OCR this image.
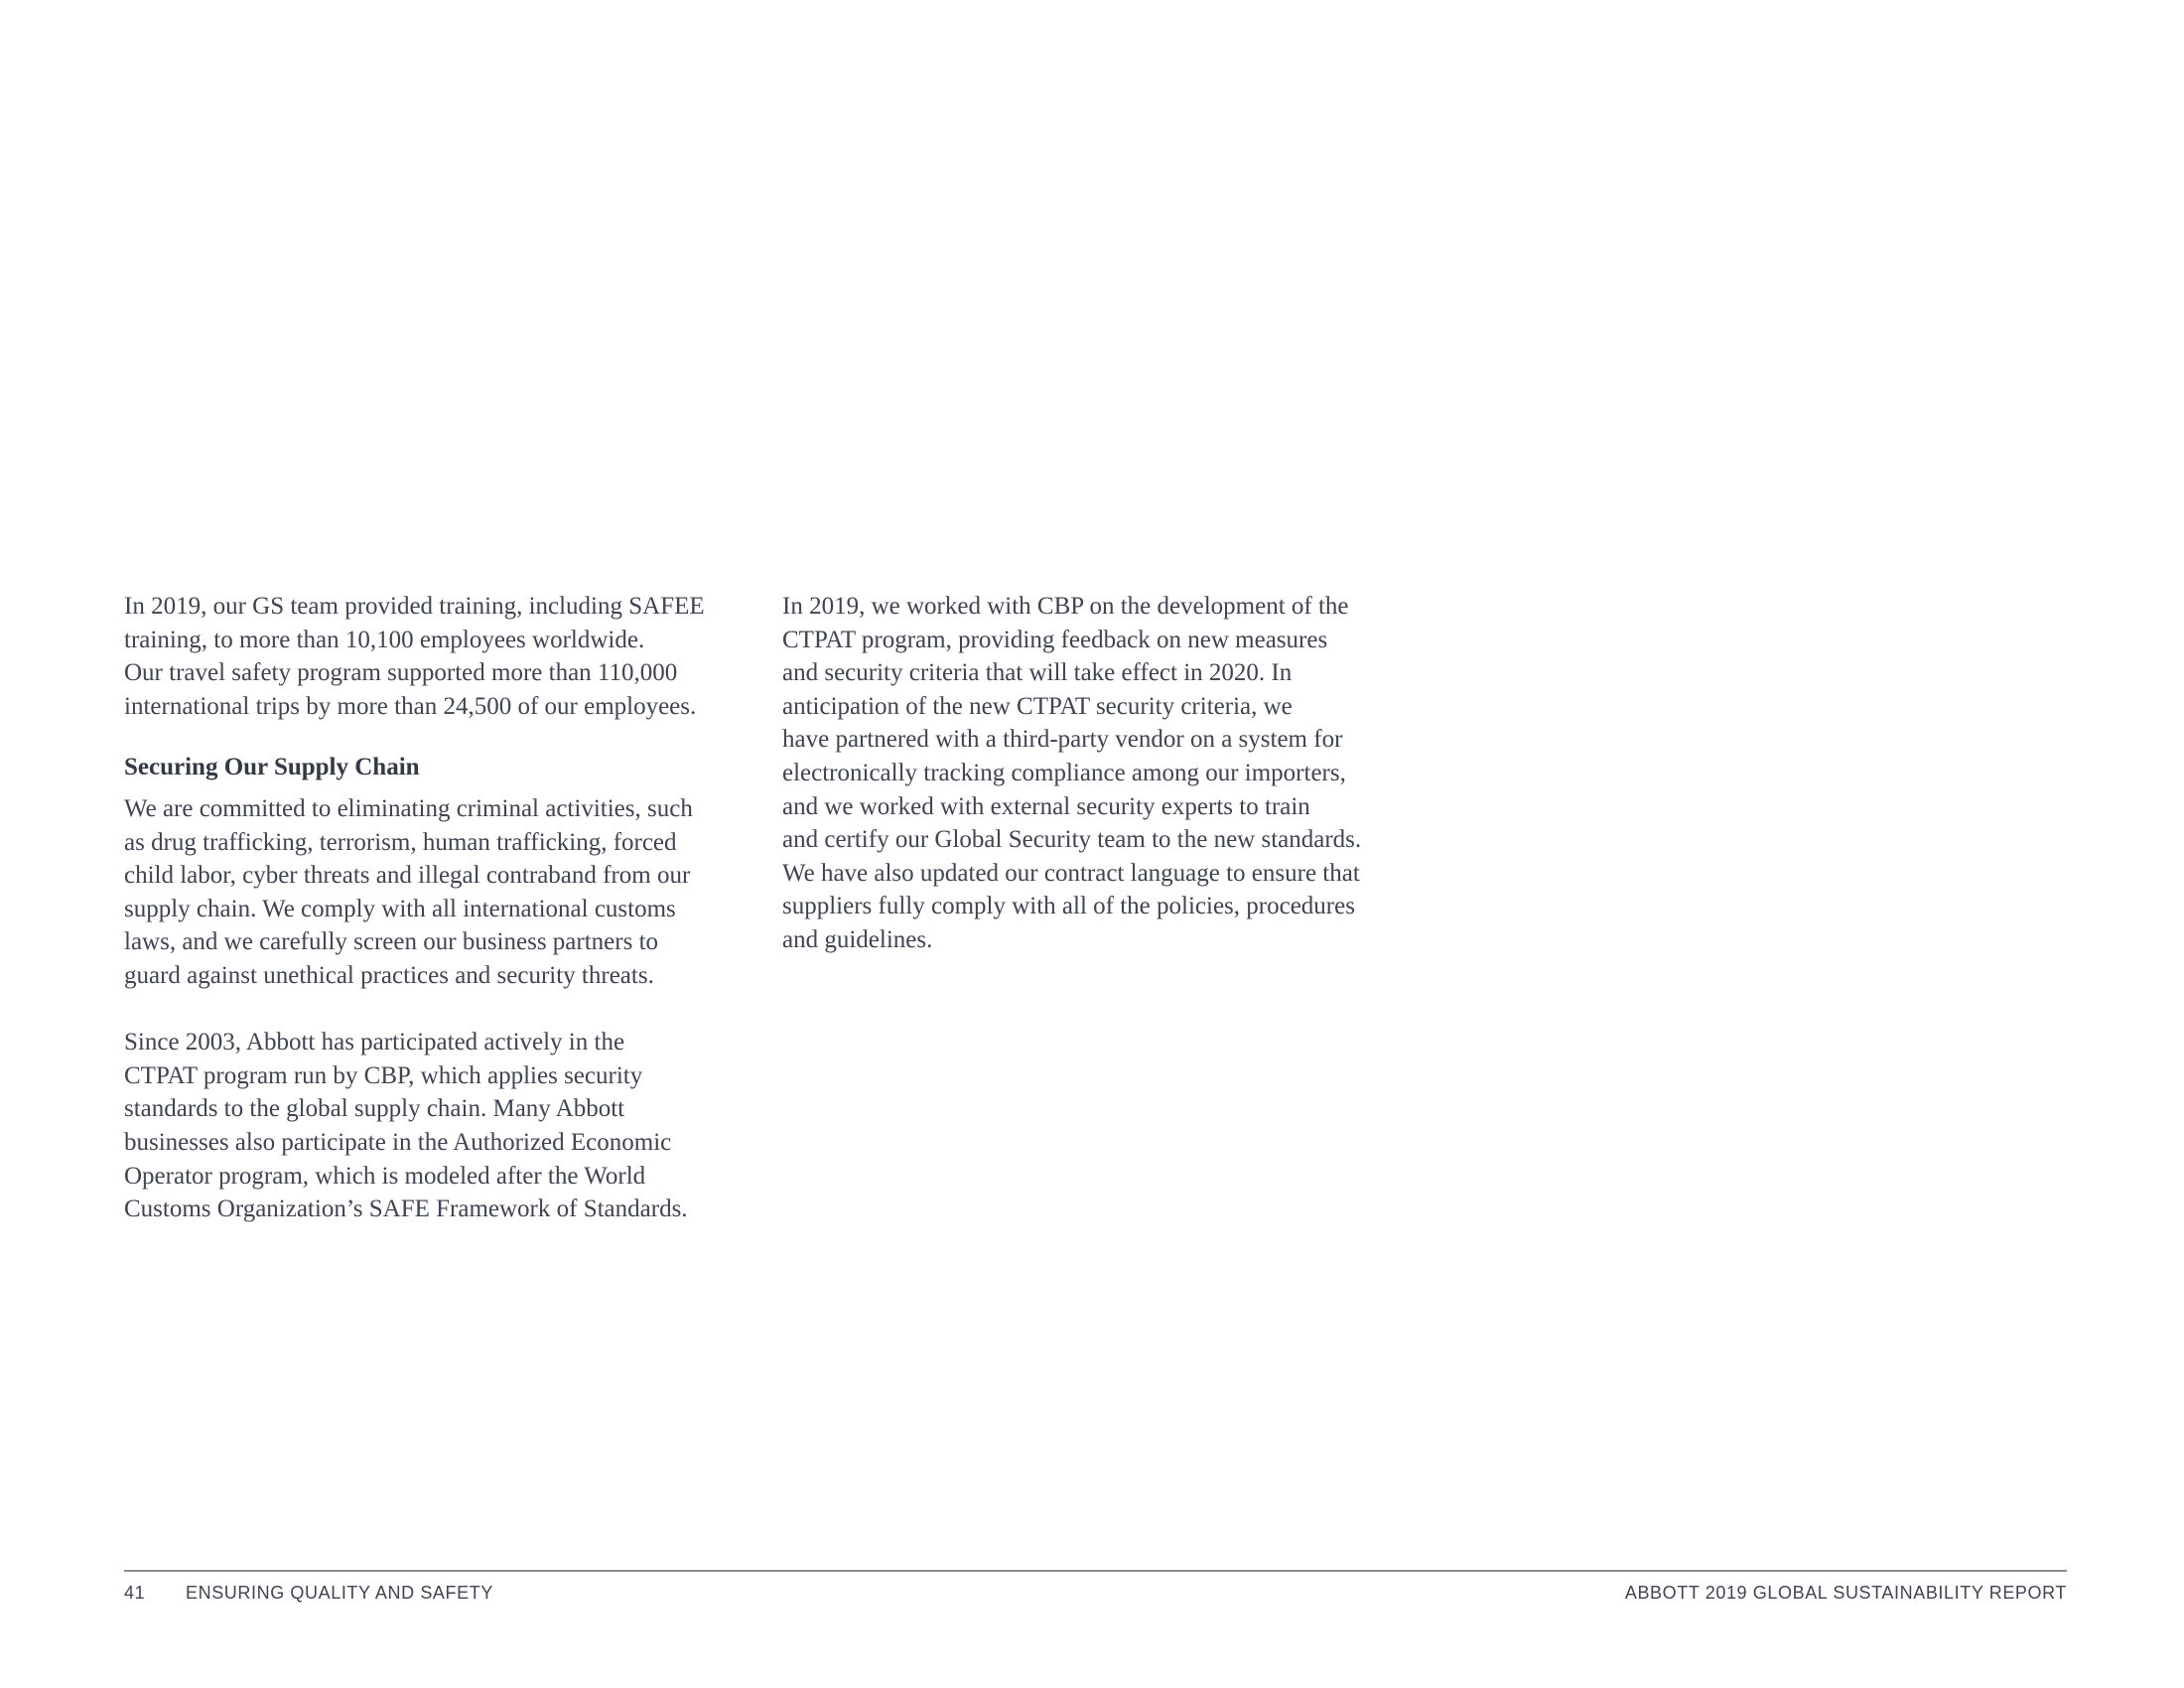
In 2019, our GS team provided training, including SAFEE
training, to more than 10,100 employees worldwide.
Our travel safety program supported more than 110,000
international trips by more than 24,500 of our employees.

Securing Our Supply Chain

We are committed to eliminating criminal activities, such
as drug trafficking, terrorism, human trafficking, forced
child labor, cyber threats and illegal contraband from our
supply chain. We comply with all international customs
laws, and we carefully screen our business partners to
guard against unethical practices and security threats.

Since 2003, Abbott has participated actively in the
CTPAT program run by CBP, which applies security
standards to the global supply chain. Many Abbott
businesses also participate in the Authorized Economic
Operator program, which is modeled after the World
Customs Organization’s SAFE Framework of Standards.

In 2019, we worked with CBP on the development of the
CTPAT program, providing feedback on new measures
and security criteria that will take effect in 2020. In
anticipation of the new CTPAT security criteria, we
have partnered with a third-party vendor on a system for
electronically tracking compliance among our importers,
and we worked with external security experts to train
and certify our Global Security team to the new standards.
We have also updated our contract language to ensure that
suppliers fully comply with all of the policies, procedures
and guidelines.

41 ENSURING QUALITY AND SAFETY	ABBOTT 2019 GLOBAL SUSTAINABILITY REPORT
